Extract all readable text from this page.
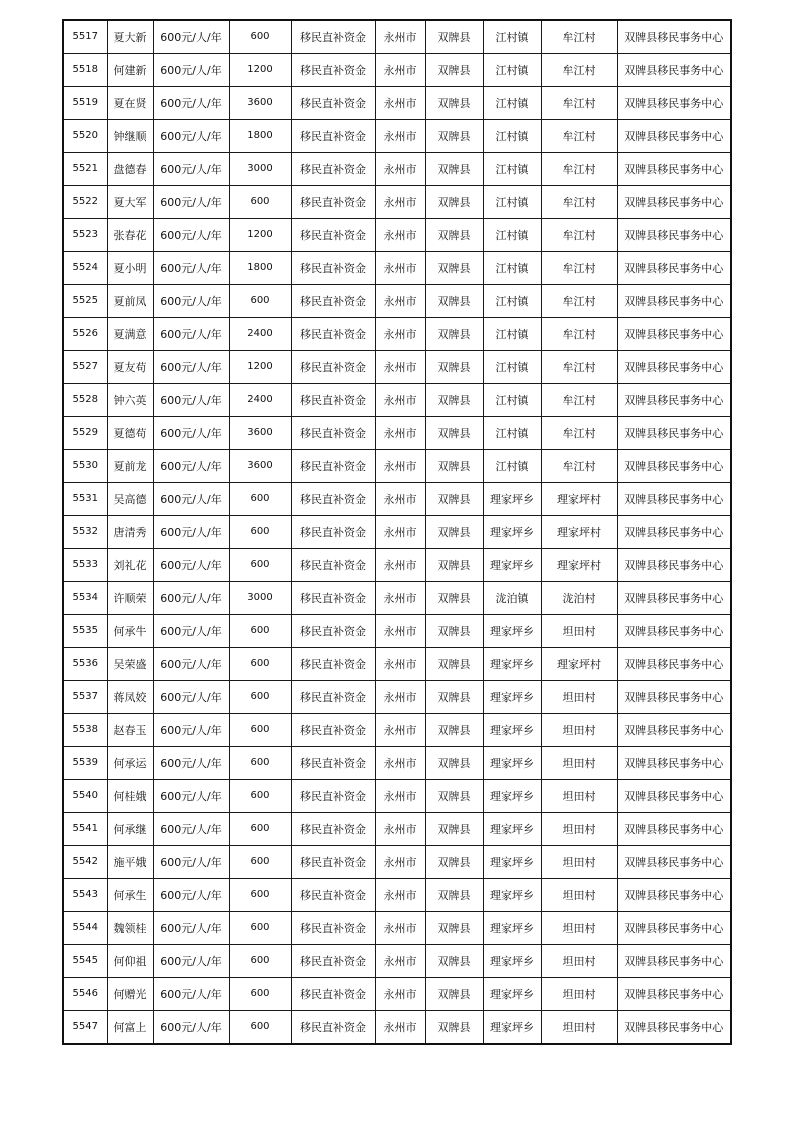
5517	夏大新	600元/人/年	600	移民直补资金	永州市	双牌县	江村镇	牟江村	双牌县移民事务中心
5518	何建新	600元/人/年	1200	移民直补资金	永州市	双牌县	江村镇	牟江村	双牌县移民事务中心
5519	夏在贤	600元/人/年	3600	移民直补资金	永州市	双牌县	江村镇	牟江村	双牌县移民事务中心
5520	钟继顺	600元/人/年	1800	移民直补资金	永州市	双牌县	江村镇	牟江村	双牌县移民事务中心
5521	盘德春	600元/人/年	3000	移民直补资金	永州市	双牌县	江村镇	牟江村	双牌县移民事务中心
5522	夏大军	600元/人/年	600	移民直补资金	永州市	双牌县	江村镇	牟江村	双牌县移民事务中心
5523	张春花	600元/人/年	1200	移民直补资金	永州市	双牌县	江村镇	牟江村	双牌县移民事务中心
5524	夏小明	600元/人/年	1800	移民直补资金	永州市	双牌县	江村镇	牟江村	双牌县移民事务中心
5525	夏前凤	600元/人/年	600	移民直补资金	永州市	双牌县	江村镇	牟江村	双牌县移民事务中心
5526	夏满意	600元/人/年	2400	移民直补资金	永州市	双牌县	江村镇	牟江村	双牌县移民事务中心
5527	夏友苟	600元/人/年	1200	移民直补资金	永州市	双牌县	江村镇	牟江村	双牌县移民事务中心
5528	钟六英	600元/人/年	2400	移民直补资金	永州市	双牌县	江村镇	牟江村	双牌县移民事务中心
5529	夏德苟	600元/人/年	3600	移民直补资金	永州市	双牌县	江村镇	牟江村	双牌县移民事务中心
5530	夏前龙	600元/人/年	3600	移民直补资金	永州市	双牌县	江村镇	牟江村	双牌县移民事务中心
5531	吴高德	600元/人/年	600	移民直补资金	永州市	双牌县	理家坪乡	理家坪村	双牌县移民事务中心
5532	唐清秀	600元/人/年	600	移民直补资金	永州市	双牌县	理家坪乡	理家坪村	双牌县移民事务中心
5533	刘礼花	600元/人/年	600	移民直补资金	永州市	双牌县	理家坪乡	理家坪村	双牌县移民事务中心
5534	许顺荣	600元/人/年	3000	移民直补资金	永州市	双牌县	泷泊镇	泷泊村	双牌县移民事务中心
5535	何承牛	600元/人/年	600	移民直补资金	永州市	双牌县	理家坪乡	坦田村	双牌县移民事务中心
5536	吴荣盛	600元/人/年	600	移民直补资金	永州市	双牌县	理家坪乡	理家坪村	双牌县移民事务中心
5537	蒋凤姣	600元/人/年	600	移民直补资金	永州市	双牌县	理家坪乡	坦田村	双牌县移民事务中心
5538	赵春玉	600元/人/年	600	移民直补资金	永州市	双牌县	理家坪乡	坦田村	双牌县移民事务中心
5539	何承运	600元/人/年	600	移民直补资金	永州市	双牌县	理家坪乡	坦田村	双牌县移民事务中心
5540	何桂娥	600元/人/年	600	移民直补资金	永州市	双牌县	理家坪乡	坦田村	双牌县移民事务中心
5541	何承继	600元/人/年	600	移民直补资金	永州市	双牌县	理家坪乡	坦田村	双牌县移民事务中心
5542	施平娥	600元/人/年	600	移民直补资金	永州市	双牌县	理家坪乡	坦田村	双牌县移民事务中心
5543	何承生	600元/人/年	600	移民直补资金	永州市	双牌县	理家坪乡	坦田村	双牌县移民事务中心
5544	魏领桂	600元/人/年	600	移民直补资金	永州市	双牌县	理家坪乡	坦田村	双牌县移民事务中心
5545	何仰祖	600元/人/年	600	移民直补资金	永州市	双牌县	理家坪乡	坦田村	双牌县移民事务中心
5546	何赠光	600元/人/年	600	移民直补资金	永州市	双牌县	理家坪乡	坦田村	双牌县移民事务中心
5547	何富上	600元/人/年	600	移民直补资金	永州市	双牌县	理家坪乡	坦田村	双牌县移民事务中心
